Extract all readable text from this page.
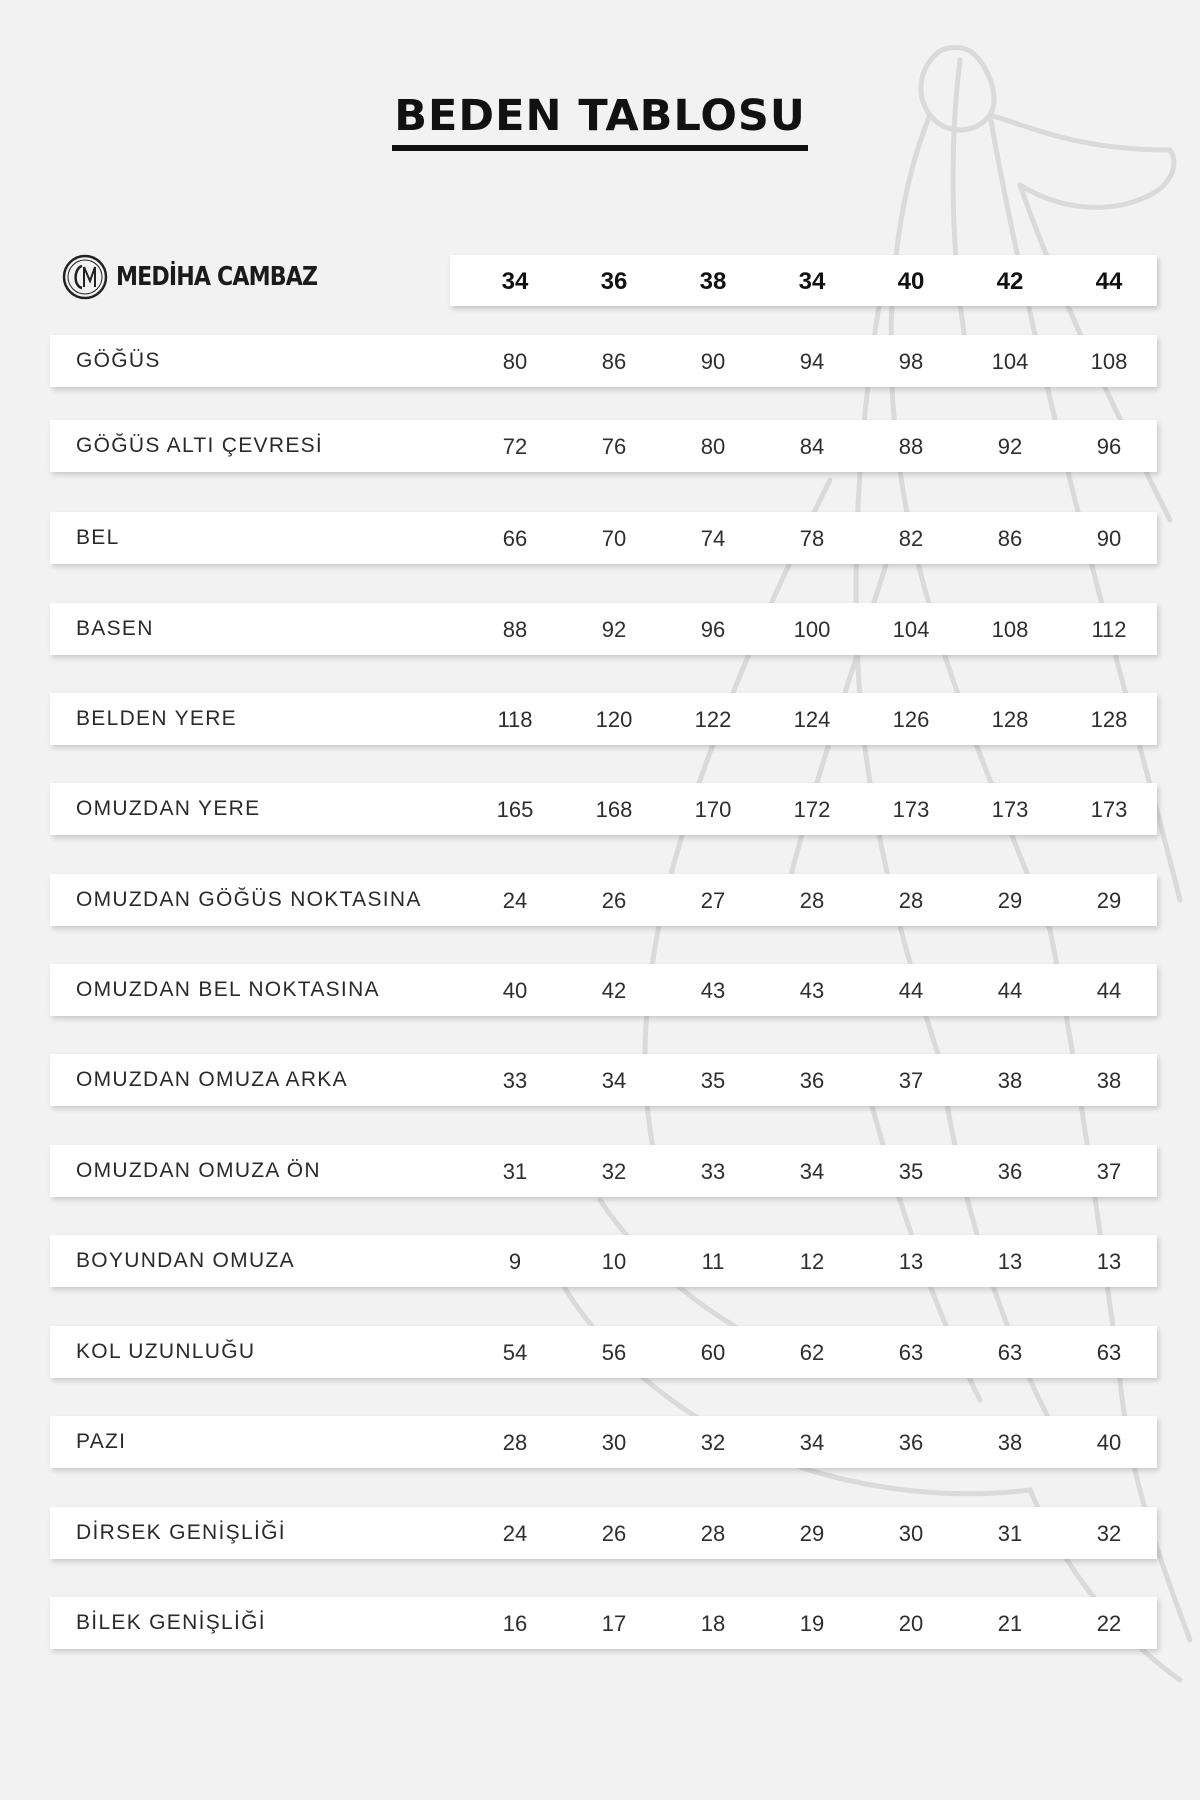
BEDEN TABLOSU
MEDİHA CAMBAZ	34	36	38	34	40	42	44
GÖĞÜS	80	86	90	94	98	104	108
GÖĞÜS ALTI ÇEVRESİ	72	76	80	84	88	92	96
BEL	66	70	74	78	82	86	90
BASEN	88	92	96	100	104	108	112
BELDEN YERE	118	120	122	124	126	128	128
OMUZDAN YERE	165	168	170	172	173	173	173
OMUZDAN GÖĞÜS NOKTASINA	24	26	27	28	28	29	29
OMUZDAN BEL NOKTASINA	40	42	43	43	44	44	44
OMUZDAN OMUZA ARKA	33	34	35	36	37	38	38
OMUZDAN OMUZA ÖN	31	32	33	34	35	36	37
BOYUNDAN OMUZA	9	10	11	12	13	13	13
KOL UZUNLUĞU	54	56	60	62	63	63	63
PAZI	28	30	32	34	36	38	40
DİRSEK GENİŞLİĞİ	24	26	28	29	30	31	32
BİLEK GENİŞLİĞİ	16	17	18	19	20	21	22
